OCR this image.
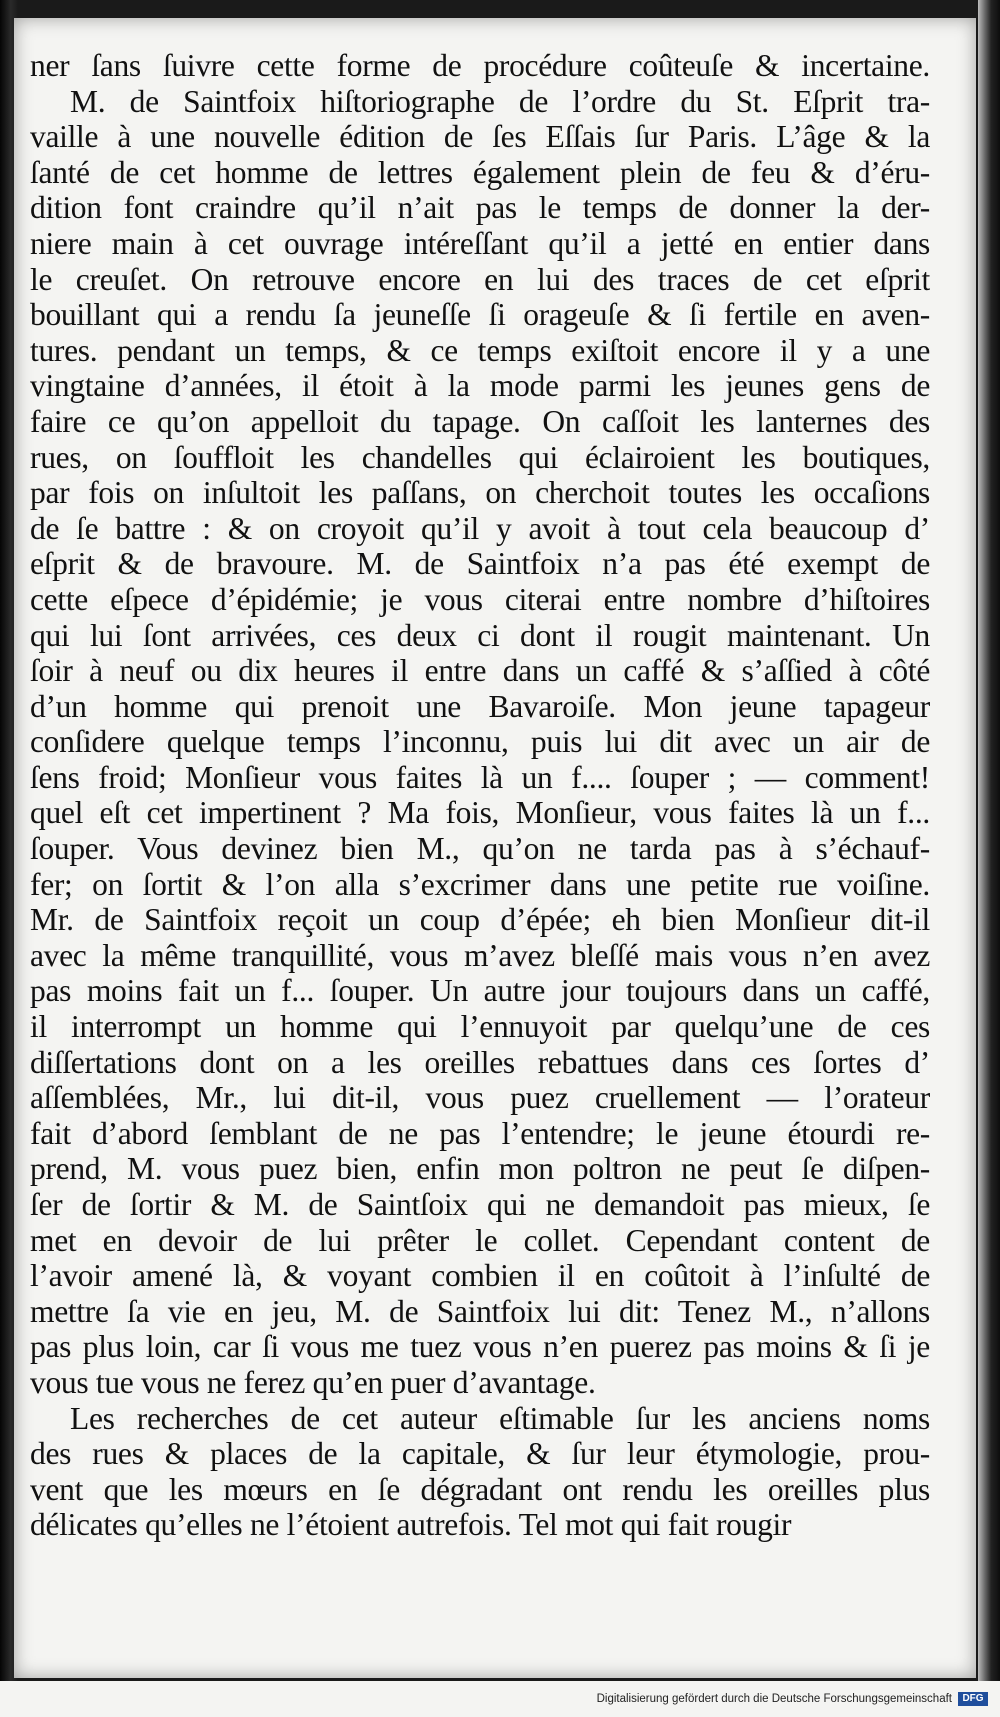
ner ſans ſuivre cette forme de procédure coûteuſe & incertaine.
M. de Saintfoix hiſtoriographe de l’ordre du St. Eſprit tra-
vaille à une nouvelle édition de ſes Eſſais ſur Paris. L’âge & la
ſanté de cet homme de lettres également plein de feu & d’éru-
dition font craindre qu’il n’ait pas le temps de donner la der-
niere main à cet ouvrage intéreſſant qu’il a jetté en entier dans
le creuſet. On retrouve encore en lui des traces de cet eſprit
bouillant qui a rendu ſa jeuneſſe ſi orageuſe & ſi fertile en aven-
tures. pendant un temps, & ce temps exiſtoit encore il y a une
vingtaine d’années, il étoit à la mode parmi les jeunes gens de
faire ce qu’on appelloit du tapage. On caſſoit les lanternes des
rues, on ſouffloit les chandelles qui éclairoient les boutiques,
par fois on inſultoit les paſſans, on cherchoit toutes les occaſions
de ſe battre : & on croyoit qu’il y avoit à tout cela beaucoup d’
eſprit & de bravoure. M. de Saintfoix n’a pas été exempt de
cette eſpece d’épidémie; je vous citerai entre nombre d’hiſtoires
qui lui ſont arrivées, ces deux ci dont il rougit maintenant. Un
ſoir à neuf ou dix heures il entre dans un caffé & s’aſſied à côté
d’un homme qui prenoit une Bavaroiſe. Mon jeune tapageur
conſidere quelque temps l’inconnu, puis lui dit avec un air de
ſens froid; Monſieur vous faites là un f.... ſouper ; — comment!
quel eſt cet impertinent ? Ma fois, Monſieur, vous faites là un f...
ſouper. Vous devinez bien M., qu’on ne tarda pas à s’échauf-
fer; on ſortit & l’on alla s’excrimer dans une petite rue voiſine.
Mr. de Saintfoix reçoit un coup d’épée; eh bien Monſieur dit-il
avec la même tranquillité, vous m’avez bleſſé mais vous n’en avez
pas moins fait un f... ſouper. Un autre jour toujours dans un caffé,
il interrompt un homme qui l’ennuyoit par quelqu’une de ces
diſſertations dont on a les oreilles rebattues dans ces ſortes d’
aſſemblées, Mr., lui dit-il, vous puez cruellement — l’orateur
fait d’abord ſemblant de ne pas l’entendre; le jeune étourdi re-
prend, M. vous puez bien, enfin mon poltron ne peut ſe diſpen-
ſer de ſortir & M. de Saintſoix qui ne demandoit pas mieux, ſe
met en devoir de lui prêter le collet. Cependant content de
l’avoir amené là, & voyant combien il en coûtoit à l’inſulté de
mettre ſa vie en jeu, M. de Saintfoix lui dit: Tenez M., n’allons
pas plus loin, car ſi vous me tuez vous n’en puerez pas moins & ſi je
vous tue vous ne ferez qu’en puer d’avantage.
Les recherches de cet auteur eſtimable ſur les anciens noms
des rues & places de la capitale, & ſur leur étymologie, prou-
vent que les mœurs en ſe dégradant ont rendu les oreilles plus
délicates qu’elles ne l’étoient autrefois. Tel mot qui fait rougir
Digitalisierung gefördert durch die Deutsche Forschungsgemeinschaft	DFG
